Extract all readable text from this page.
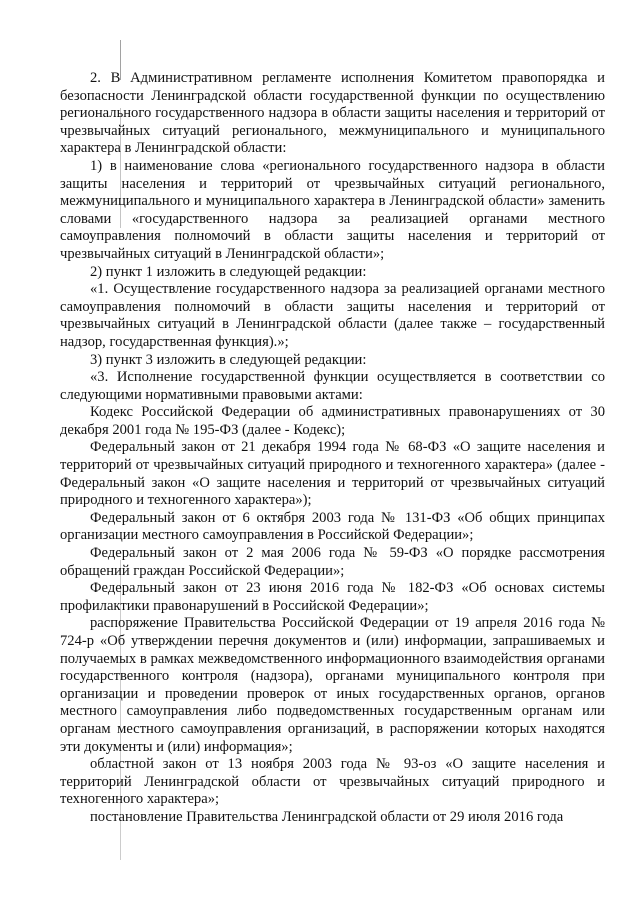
2. В Административном регламенте исполнения Комитетом правопорядка и безопасности Ленинградской области государственной функции по осуществлению регионального государственного надзора в области защиты населения и территорий от чрезвычайных ситуаций регионального, межмуниципального и муниципального характера в Ленинградской области:

1) в наименование слова «регионального государственного надзора в области защиты населения и территорий от чрезвычайных ситуаций регионального, межмуниципального и муниципального характера в Ленинградской области» заменить словами «государственного надзора за реализацией органами местного самоуправления полномочий в области защиты населения и территорий от чрезвычайных ситуаций в Ленинградской области»;

2) пункт 1 изложить в следующей редакции:

«1. Осуществление государственного надзора за реализацией органами местного самоуправления полномочий в области защиты населения и территорий от чрезвычайных ситуаций в Ленинградской области (далее также – государственный надзор, государственная функция).»;

3) пункт 3 изложить в следующей редакции:

«3. Исполнение государственной функции осуществляется в соответствии со следующими нормативными правовыми актами:

Кодекс Российской Федерации об административных правонарушениях от 30 декабря 2001 года № 195-ФЗ (далее - Кодекс);

Федеральный закон от 21 декабря 1994 года № 68-ФЗ «О защите населения и территорий от чрезвычайных ситуаций природного и техногенного характера» (далее - Федеральный закон «О защите населения и территорий от чрезвычайных ситуаций природного и техногенного характера»);

Федеральный закон от 6 октября 2003 года № 131-ФЗ «Об общих принципах организации местного самоуправления в Российской Федерации»;

Федеральный закон от 2 мая 2006 года № 59-ФЗ «О порядке рассмотрения обращений граждан Российской Федерации»;

Федеральный закон от 23 июня 2016 года № 182-ФЗ «Об основах системы профилактики правонарушений в Российской Федерации»;

распоряжение Правительства Российской Федерации от 19 апреля 2016 года № 724-р «Об утверждении перечня документов и (или) информации, запрашиваемых и получаемых в рамках межведомственного информационного взаимодействия органами государственного контроля (надзора), органами муниципального контроля при организации и проведении проверок от иных государственных органов, органов местного самоуправления либо подведомственных государственным органам или органам местного самоуправления организаций, в распоряжении которых находятся эти документы и (или) информация»;

областной закон от 13 ноября 2003 года № 93-оз «О защите населения и территорий Ленинградской области от чрезвычайных ситуаций природного и техногенного характера»;

постановление Правительства Ленинградской области от 29 июля 2016 года
